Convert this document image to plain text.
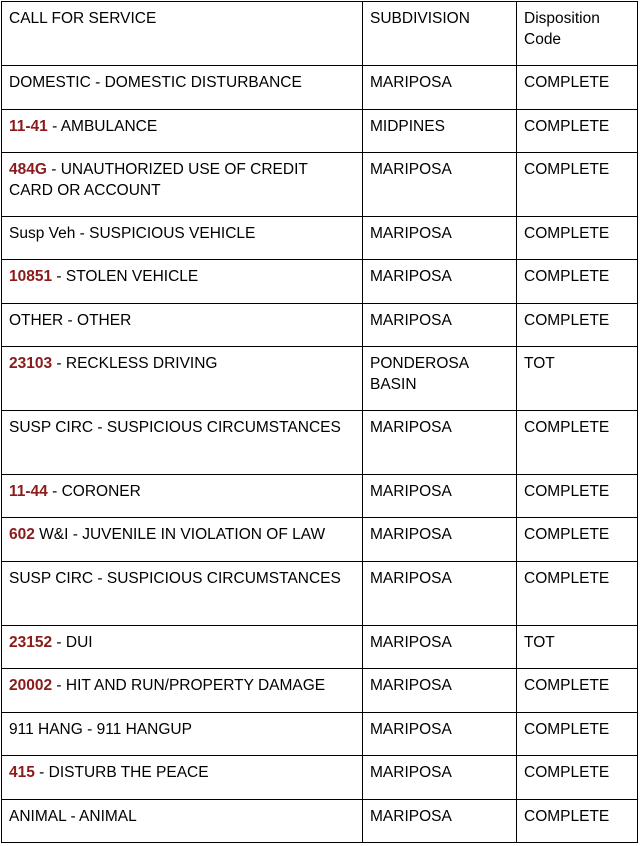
CALL FOR SERVICE	SUBDIVISION	Disposition Code
DOMESTIC - DOMESTIC DISTURBANCE	MARIPOSA	COMPLETE
11-41 - AMBULANCE	MIDPINES	COMPLETE
484G - UNAUTHORIZED USE OF CREDIT CARD OR ACCOUNT	MARIPOSA	COMPLETE
Susp Veh - SUSPICIOUS VEHICLE	MARIPOSA	COMPLETE
10851 - STOLEN VEHICLE	MARIPOSA	COMPLETE
OTHER - OTHER	MARIPOSA	COMPLETE
23103 - RECKLESS DRIVING	PONDEROSA BASIN	TOT
SUSP CIRC - SUSPICIOUS CIRCUMSTANCES	MARIPOSA	COMPLETE
11-44 - CORONER	MARIPOSA	COMPLETE
602 W&I - JUVENILE IN VIOLATION OF LAW	MARIPOSA	COMPLETE
SUSP CIRC - SUSPICIOUS CIRCUMSTANCES	MARIPOSA	COMPLETE
23152 - DUI	MARIPOSA	TOT
20002 - HIT AND RUN/PROPERTY DAMAGE	MARIPOSA	COMPLETE
911 HANG - 911 HANGUP	MARIPOSA	COMPLETE
415 - DISTURB THE PEACE	MARIPOSA	COMPLETE
ANIMAL - ANIMAL	MARIPOSA	COMPLETE
